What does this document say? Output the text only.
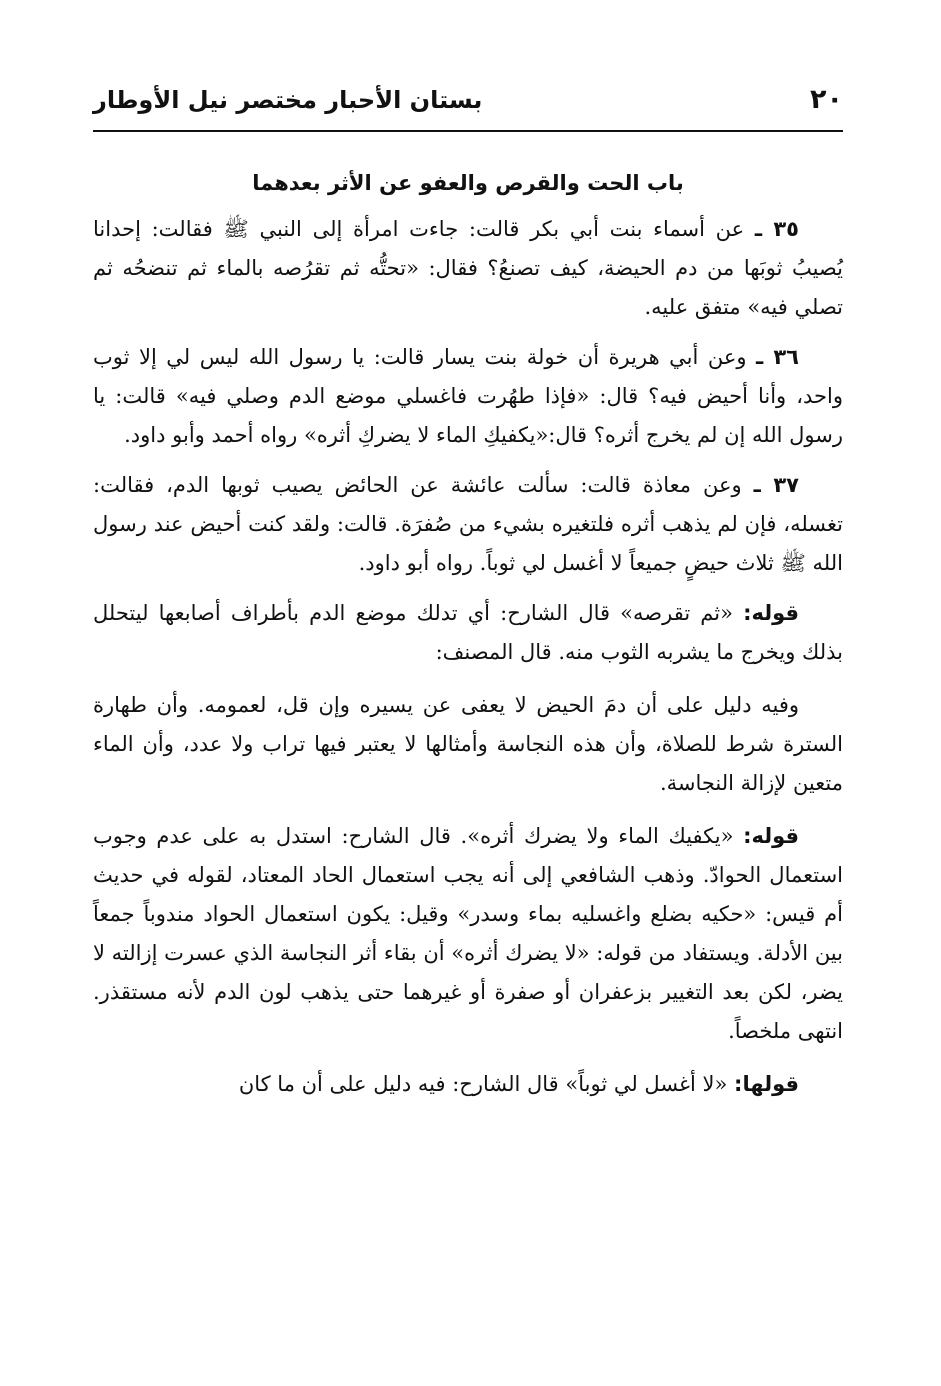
٢٠
بستان الأحبار مختصر نيل الأوطار
باب الحت والقرص والعفو عن الأثر بعدهما

٣٥ ـ عن أسماء بنت أبي بكر قالت: جاءت امرأة إلى النبي ﷺ فقالت: إحدانا يُصيبُ ثوبَها من دم الحيضة، كيف تصنعُ؟ فقال: «تحتُّه ثم تقرُصه بالماء ثم تنضحُه ثم تصلي فيه» متفق عليه.

٣٦ ـ وعن أبي هريرة أن خولة بنت يسار قالت: يا رسول الله ليس لي إلا ثوب واحد، وأنا أحيض فيه؟ قال: «فإذا طهُرت فاغسلي موضع الدم وصلي فيه» قالت: يا رسول الله إن لم يخرج أثره؟ قال:«يكفيكِ الماء لا يضركِ أثره» رواه أحمد وأبو داود.

٣٧ ـ وعن معاذة قالت: سألت عائشة عن الحائض يصيب ثوبها الدم، فقالت: تغسله، فإن لم يذهب أثره فلتغيره بشيء من صُفرَة. قالت: ولقد كنت أحيض عند رسول الله ﷺ ثلاث حيضٍ جميعاً لا أغسل لي ثوباً. رواه أبو داود.

قوله: «ثم تقرصه» قال الشارح: أي تدلك موضع الدم بأطراف أصابعها ليتحلل بذلك ويخرج ما يشربه الثوب منه. قال المصنف:

وفيه دليل على أن دمَ الحيض لا يعفى عن يسيره وإن قل، لعمومه. وأن طهارة السترة شرط للصلاة، وأن هذه النجاسة وأمثالها لا يعتبر فيها تراب ولا عدد، وأن الماء متعين لإزالة النجاسة.

قوله: «يكفيك الماء ولا يضرك أثره». قال الشارح: استدل به على عدم وجوب استعمال الحوادّ. وذهب الشافعي إلى أنه يجب استعمال الحاد المعتاد، لقوله في حديث أم قيس: «حكيه بضلع واغسليه بماء وسدر» وقيل: يكون استعمال الحواد مندوباً جمعاً بين الأدلة. ويستفاد من قوله: «لا يضرك أثره» أن بقاء أثر النجاسة الذي عسرت إزالته لا يضر، لكن بعد التغيير بزعفران أو صفرة أو غيرهما حتى يذهب لون الدم لأنه مستقذر. انتهى ملخصاً.

قولها: «لا أغسل لي ثوباً» قال الشارح: فيه دليل على أن ما كان
